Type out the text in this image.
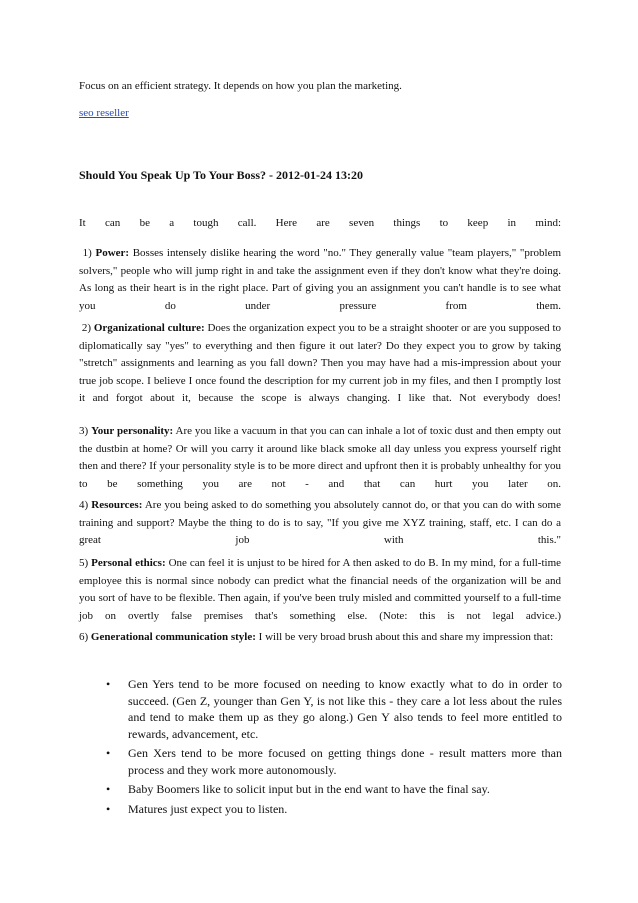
Focus on an efficient strategy. It depends on how you plan the marketing.

seo reseller
Should You Speak Up To Your Boss? - 2012-01-24 13:20

It can be a tough call. Here are seven things to keep in mind:

1) Power: Bosses intensely dislike hearing the word "no." They generally value "team players," "problem solvers," people who will jump right in and take the assignment even if they don't know what they're doing. As long as their heart is in the right place. Part of giving you an assignment you can't handle is to see what you do under pressure from them.

2) Organizational culture: Does the organization expect you to be a straight shooter or are you supposed to diplomatically say "yes" to everything and then figure it out later? Do they expect you to grow by taking "stretch" assignments and learning as you fall down? Then you may have had a mis-impression about your true job scope. I believe I once found the description for my current job in my files, and then I promptly lost it and forgot about it, because the scope is always changing. I like that. Not everybody does!

3) Your personality: Are you like a vacuum in that you can can inhale a lot of toxic dust and then empty out the dustbin at home? Or will you carry it around like black smoke all day unless you express yourself right then and there? If your personality style is to be more direct and upfront then it is probably unhealthy for you to be something you are not - and that can hurt you later on.

4) Resources: Are you being asked to do something you absolutely cannot do, or that you can do with some training and support? Maybe the thing to do is to say, "If you give me XYZ training, staff, etc. I can do a great job with this."

5) Personal ethics: One can feel it is unjust to be hired for A then asked to do B. In my mind, for a full-time employee this is normal since nobody can predict what the financial needs of the organization will be and you sort of have to be flexible. Then again, if you've been truly misled and committed yourself to a full-time job on overtly false premises that's something else. (Note: this is not legal advice.)

6) Generational communication style: I will be very broad brush about this and share my impression that:

• Gen Yers tend to be more focused on needing to know exactly what to do in order to succeed. (Gen Z, younger than Gen Y, is not like this - they care a lot less about the rules and tend to make them up as they go along.) Gen Y also tends to feel more entitled to rewards, advancement, etc.
• Gen Xers tend to be more focused on getting things done - result matters more than process and they work more autonomously.
• Baby Boomers like to solicit input but in the end want to have the final say.
• Matures just expect you to listen.
